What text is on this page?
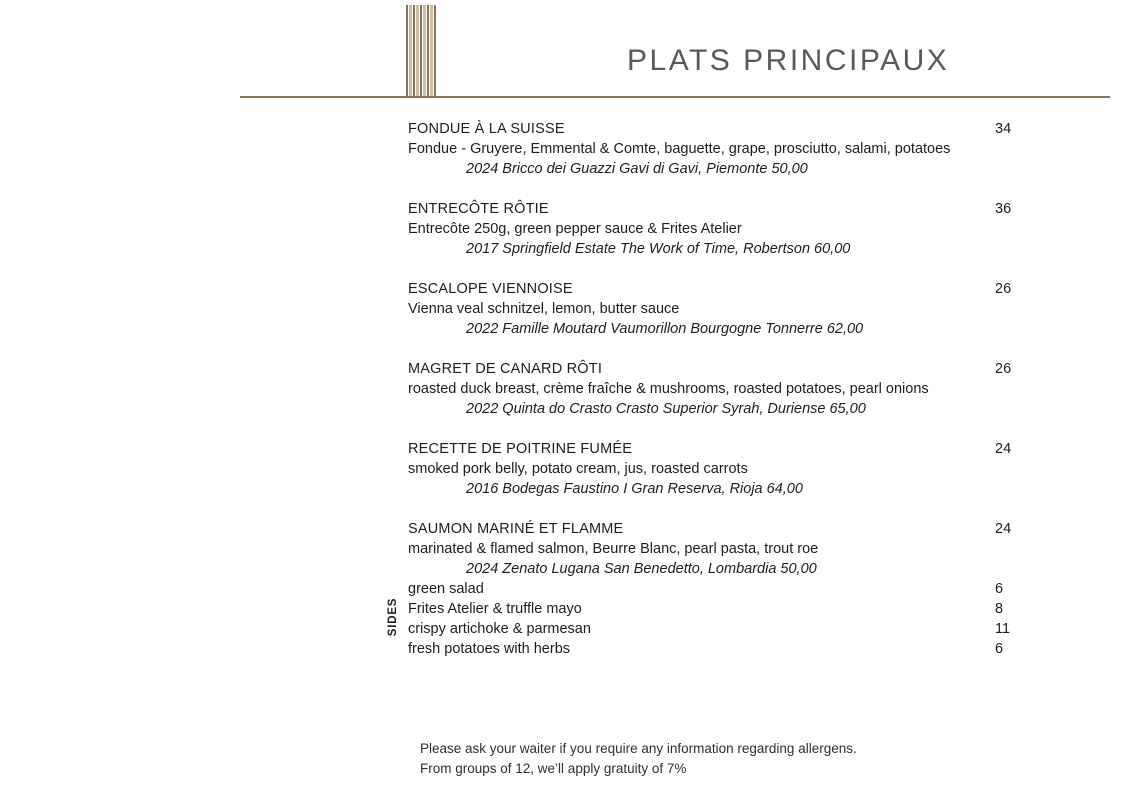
PLATS PRINCIPAUX
FONDUE À LA SUISSE	34
Fondue - Gruyere, Emmental & Comte, baguette, grape, prosciutto, salami, potatoes
2024 Bricco dei Guazzi Gavi di Gavi, Piemonte 50,00
ENTRECÔTE RÔTIE	36
Entrecôte 250g, green pepper sauce & Frites Atelier
2017 Springfield Estate The Work of Time, Robertson 60,00
ESCALOPE VIENNOISE	26
Vienna veal schnitzel, lemon, butter sauce
2022 Famille Moutard Vaumorillon Bourgogne Tonnerre 62,00
MAGRET DE CANARD RÔTI	26
roasted duck breast, crème fraîche & mushrooms, roasted potatoes, pearl onions
2022 Quinta do Crasto Crasto Superior Syrah, Duriense 65,00
RECETTE DE POITRINE FUMÉE	24
smoked pork belly, potato cream, jus, roasted carrots
2016 Bodegas Faustino I Gran Reserva, Rioja 64,00
SAUMON MARINÉ ET FLAMME	24
marinated & flamed salmon, Beurre Blanc, pearl pasta, trout roe
2024 Zenato Lugana San Benedetto, Lombardia 50,00
green salad	6
Frites Atelier & truffle mayo	8
crispy artichoke & parmesan	11
fresh potatoes with herbs	6
SIDES
Please ask your waiter if you require any information regarding allergens.
From groups of 12, we’ll apply gratuity of 7%
